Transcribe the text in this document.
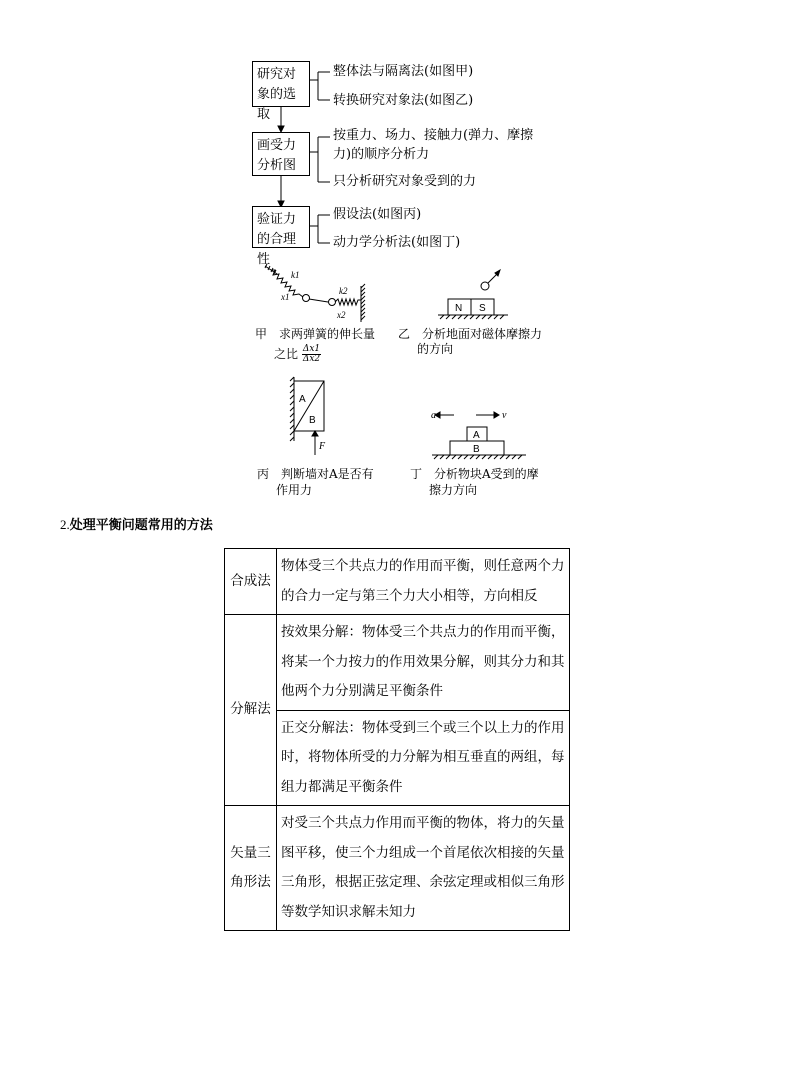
研究对象的选取
整体法与隔离法(如图甲)
转换研究对象法(如图乙)
画受力分析图
按重力、场力、接触力(弹力、摩擦
力)的顺序分析力
只分析研究对象受到的力
验证力的合理性
假设法(如图丙)
动力学分析法(如图丁)
k1
x1
k2
x2
甲　求两弹簧的伸长量
之比 $\frac{\Delta x1}{\Delta x2}$
N S
乙　分析地面对磁体摩擦力
的方向
A
B
F
丙　判断墙对A是否有
作用力
a	v
A
B
丁　分析物块A受到的摩
擦力方向
2.处理平衡问题常用的方法
合成法	物体受三个共点力的作用而平衡，则任意两个力的合力一定与第三个力大小相等，方向相反
分解法	按效果分解：物体受三个共点力的作用而平衡，将某一个力按力的作用效果分解，则其分力和其他两个力分别满足平衡条件
	正交分解法：物体受到三个或三个以上力的作用时，将物体所受的力分解为相互垂直的两组，每组力都满足平衡条件
矢量三角形法	对受三个共点力作用而平衡的物体，将力的矢量图平移，使三个力组成一个首尾依次相接的矢量三角形，根据正弦定理、余弦定理或相似三角形等数学知识求解未知力
